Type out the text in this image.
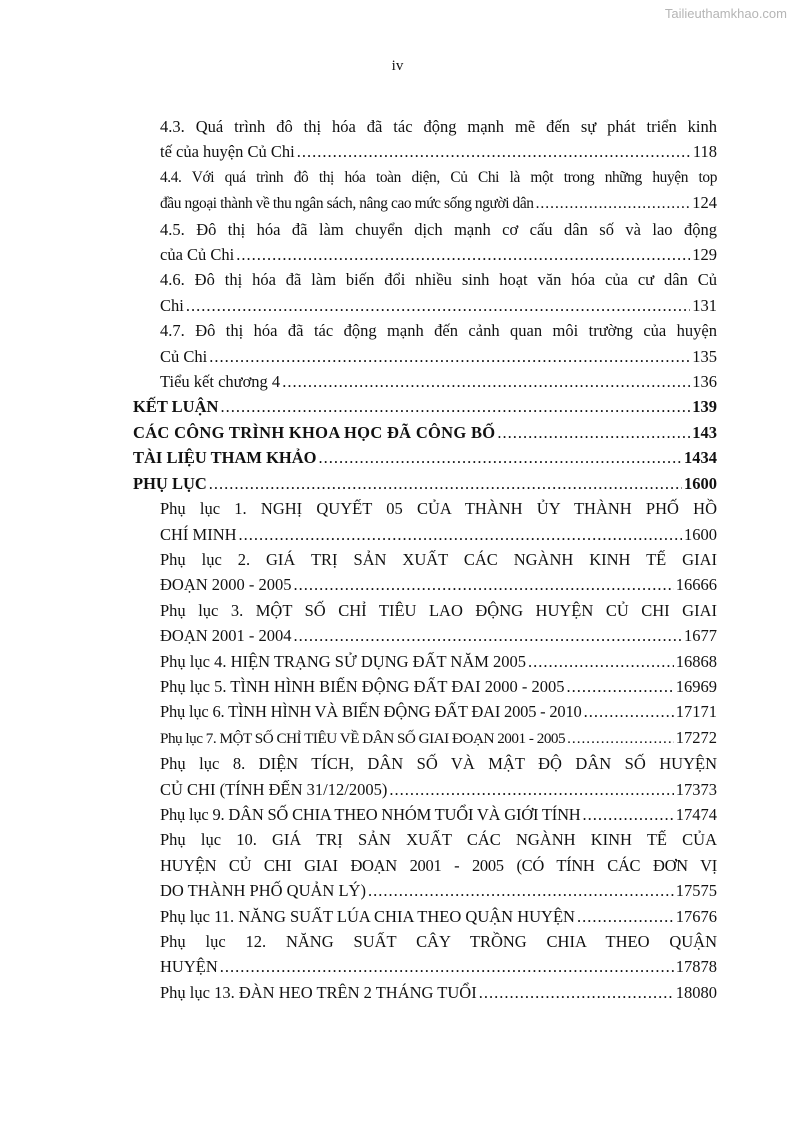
Tailieuthamkhao.com
iv
4.3. Quá trình đô thị hóa đã tác động mạnh mẽ đến sự phát triển kinh
tế của huyện Củ Chi .....	118
4.4. Với quá trình đô thị hóa toàn diện, Củ Chi là một trong những huyện top
đầu ngoại thành về thu ngân sách, nâng cao mức sống người dân .....	124
4.5. Đô thị hóa đã làm chuyển dịch mạnh cơ cấu dân số và lao động
của Củ Chi .....	129
4.6. Đô thị hóa đã làm biến đổi nhiều sinh hoạt văn hóa của cư dân Củ
Chi .....	131
4.7. Đô thị hóa đã tác động mạnh đến cảnh quan môi trường của huyện
Củ Chi .....	135
Tiểu kết chương 4 .....	136
KẾT LUẬN .....	139
CÁC CÔNG TRÌNH KHOA HỌC ĐÃ CÔNG BỐ .....	143
TÀI LIỆU THAM KHẢO .....	1434
PHỤ LỤC .....	1600
Phụ lục 1. NGHỊ QUYẾT 05 CỦA THÀNH ỦY THÀNH PHỐ HỒ
CHÍ MINH .....	1600
Phụ lục 2. GIÁ TRỊ SẢN XUẤT CÁC NGÀNH KINH TẾ GIAI
ĐOẠN 2000 - 2005 .....	16666
Phụ lục 3. MỘT SỐ CHỈ TIÊU LAO ĐỘNG HUYỆN CỦ CHI GIAI
ĐOẠN 2001 - 2004 .....	1677
Phụ lục 4. HIỆN TRẠNG SỬ DỤNG ĐẤT NĂM 2005 .....	16868
Phụ lục 5. TÌNH HÌNH BIẾN ĐỘNG ĐẤT ĐAI 2000 - 2005 .....	16969
Phụ lục 6. TÌNH HÌNH VÀ BIẾN ĐỘNG ĐẤT ĐAI 2005 - 2010 .....	17171
Phụ lục 7. MỘT SỐ CHỈ TIÊU VỀ DÂN SỐ GIAI ĐOẠN 2001 - 2005 .....	17272
Phụ lục 8. DIỆN TÍCH, DÂN SỐ VÀ MẬT ĐỘ DÂN SỐ HUYỆN
CỦ CHI (TÍNH ĐẾN 31/12/2005) .....	17373
Phụ lục 9. DÂN SỐ CHIA THEO NHÓM TUỔI VÀ GIỚI TÍNH .....	17474
Phụ lục 10. GIÁ TRỊ SẢN XUẤT CÁC NGÀNH KINH TẾ CỦA
HUYỆN CỦ CHI GIAI ĐOẠN 2001 - 2005 (CÓ TÍNH CÁC ĐƠN VỊ
DO THÀNH PHỐ QUẢN LÝ) .....	17575
Phụ lục 11. NĂNG SUẤT LÚA CHIA THEO QUẬN HUYỆN .....	17676
Phụ lục 12. NĂNG SUẤT CÂY TRỒNG CHIA THEO QUẬN
HUYỆN .....	17878
Phụ lục 13. ĐÀN HEO TRÊN 2 THÁNG TUỔI .....	18080
